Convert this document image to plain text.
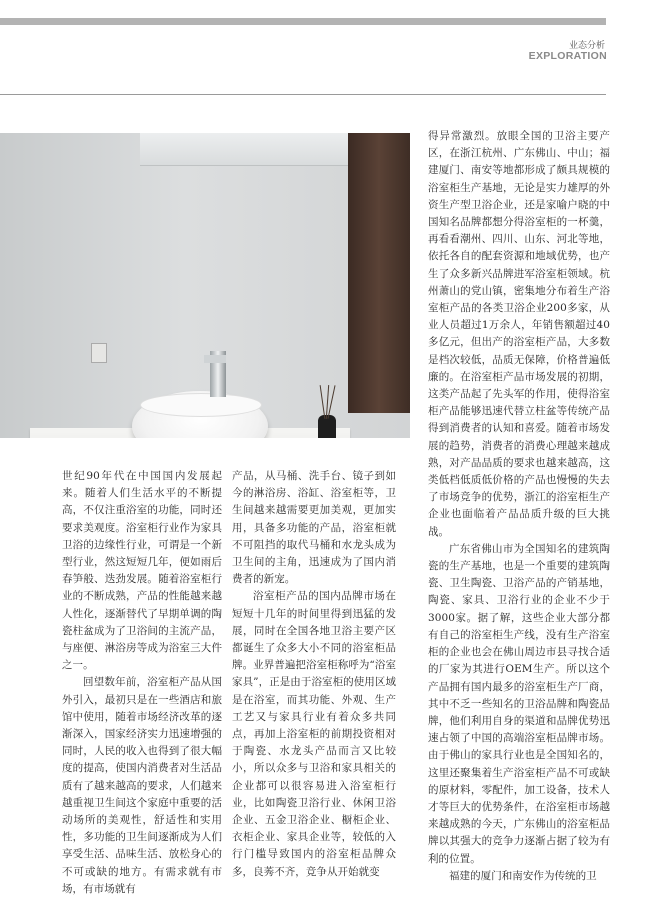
业态分析
EXPLORATION

世纪90年代在中国国内发展起来。随着人们生活水平的不断提高，不仅注重浴室的功能，同时还要求美观度。浴室柜行业作为家具卫浴的边缘性行业，可谓是一个新型行业，然这短短几年，便如雨后春笋般、迭劲发展。随着浴室柜行业的不断成熟，产品的性能越来越人性化，逐渐替代了早期单调的陶瓷柱盆成为了卫浴间的主流产品，与座便、淋浴房等成为浴室三大件之一。

回望数年前，浴室柜产品从国外引入，最初只是在一些酒店和旅馆中使用，随着市场经济改革的逐渐深入，国家经济实力迅速增强的同时，人民的收入也得到了很大幅度的提高，使国内消费者对生活品质有了越来越高的要求，人们越来越重视卫生间这个家庭中重要的活动场所的美观性，舒适性和实用性，多功能的卫生间逐渐成为人们享受生活、品味生活、放松身心的不可或缺的地方。有需求就有市场，有市场就有

产品，从马桶、洗手台、镜子到如今的淋浴房、浴缸、浴室柜等，卫生间越来越需要更加美观，更加实用，具备多功能的产品，浴室柜就不可阻挡的取代马桶和水龙头成为卫生间的主角，迅速成为了国内消费者的新宠。

浴室柜产品的国内品牌市场在短短十几年的时间里得到迅猛的发展，同时在全国各地卫浴主要产区都诞生了众多大小不同的浴室柜品牌。业界普遍把浴室柜称呼为“浴室家具”，正是由于浴室柜的使用区域是在浴室，而其功能、外观、生产工艺又与家具行业有着众多共同点，再加上浴室柜的前期投资相对于陶瓷、水龙头产品而言又比较小，所以众多与卫浴和家具相关的企业都可以很容易进入浴室柜行业，比如陶瓷卫浴行业、休闲卫浴企业、五金卫浴企业、橱柜企业、衣柜企业、家具企业等，较低的入行门槛导致国内的浴室柜品牌众多，良莠不齐，竞争从开始就变

得异常激烈。放眼全国的卫浴主要产区，在浙江杭州、广东佛山、中山；福建厦门、南安等地都形成了颇具规模的浴室柜生产基地，无论是实力雄厚的外资生产型卫浴企业，还是家喻户晓的中国知名品牌都想分得浴室柜的一杯羹，再看看潮州、四川、山东、河北等地，依托各自的配套资源和地域优势，也产生了众多新兴品牌进军浴室柜领域。杭州萧山的党山镇，密集地分布着生产浴室柜产品的各类卫浴企业200多家，从业人员超过1万余人，年销售额超过40多亿元，但出产的浴室柜产品，大多数是档次较低，品质无保障，价格普遍低廉的。在浴室柜产品市场发展的初期，这类产品起了先头军的作用，使得浴室柜产品能够迅速代替立柱盆等传统产品得到消费者的认知和喜爱。随着市场发展的趋势，消费者的消费心理越来越成熟，对产品品质的要求也越来越高，这类低档低质低价格的产品也慢慢的失去了市场竞争的优势，浙江的浴室柜生产企业也面临着产品品质升级的巨大挑战。

广东省佛山市为全国知名的建筑陶瓷的生产基地，也是一个重要的建筑陶瓷、卫生陶瓷、卫浴产品的产销基地，陶瓷、家具、卫浴行业的企业不少于3000家。据了解，这些企业大部分都有自己的浴室柜生产线，没有生产浴室柜的企业也会在佛山周边市县寻找合适的厂家为其进行OEM生产。所以这个产品拥有国内最多的浴室柜生产厂商，其中不乏一些知名的卫浴品牌和陶瓷品牌，他们利用自身的渠道和品牌优势迅速占领了中国的高端浴室柜品牌市场。由于佛山的家具行业也是全国知名的，这里还聚集着生产浴室柜产品不可或缺的原材料，零配件，加工设备，技术人才等巨大的优势条件，在浴室柜市场越来越成熟的今天，广东佛山的浴室柜品牌以其强大的竞争力逐渐占据了较为有利的位置。

福建的厦门和南安作为传统的卫
